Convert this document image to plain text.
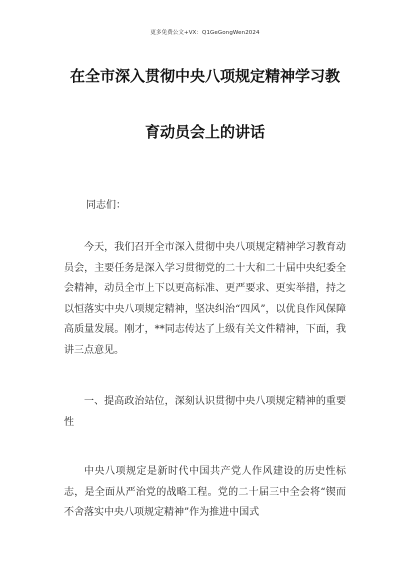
更多免费公文+VX：Q1GeGongWen2024
在全市深入贯彻中央八项规定精神学习教
育动员会上的讲话
同志们：
今天，我们召开全市深入贯彻中央八项规定精神学习教育动员会，主要任务是深入学习贯彻党的二十大和二十届中央纪委全会精神，动员全市上下以更高标准、更严要求、更实举措，持之以恒落实中央八项规定精神，坚决纠治“四风”，以优良作风保障高质量发展。刚才，**同志传达了上级有关文件精神，下面，我讲三点意见。
一、提高政治站位，深刻认识贯彻中央八项规定精神的重要性
中央八项规定是新时代中国共产党人作风建设的历史性标志，是全面从严治党的战略工程。党的二十届三中全会将“锲而不舍落实中央八项规定精神”作为推进中国式
